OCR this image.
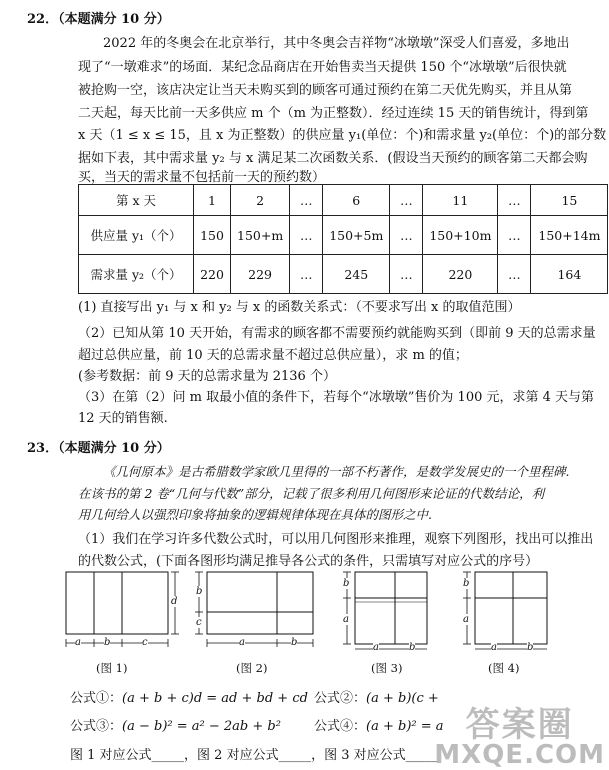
22．（本题满分 10 分）
2022 年的冬奥会在北京举行，其中冬奥会吉祥物“冰墩墩”深受人们喜爱，多地出
现了“一墩难求”的场面．某纪念品商店在开始售卖当天提供 150 个“冰墩墩”后很快就
被抢购一空，该店决定让当天未购买到的顾客可通过预约在第二天优先购买，并且从第
二天起，每天比前一天多供应 m 个（m 为正整数）．经过连续 15 天的销售统计，得到第
x 天（1 ≤ x ≤ 15，且 x 为正整数）的供应量 y₁(单位：个)和需求量 y₂(单位：个)的部分数
据如下表，其中需求量 y₂ 与 x 满足某二次函数关系．(假设当天预约的顾客第二天都会购
买，当天的需求量不包括前一天的预约数）
第 x 天	1	2	…	6	…	11	…	15
供应量 y₁（个）	150	150+m	…	150+5m	…	150+10m	…	150+14m
需求量 y₂（个）	220	229	…	245	…	220	…	164
(1) 直接写出 y₁ 与 x 和 y₂ 与 x 的函数关系式：（不要求写出 x 的取值范围）
（2）已知从第 10 天开始，有需求的顾客都不需要预约就能购买到（即前 9 天的总需求量
超过总供应量，前 10 天的总需求量不超过总供应量），求 m 的值；
(参考数据：前 9 天的总需求量为 2136 个）
（3）在第（2）问 m 取最小值的条件下，若每个“冰墩墩”售价为 100 元，求第 4 天与第
12 天的销售额.
23．（本题满分 10 分）
《几何原本》是古希腊数学家欧几里得的一部不朽著作，是数学发展史的一个里程碑.
在该书的第 2 卷“几何与代数”部分，记载了很多利用几何图形来论证的代数结论，利
用几何给人以强烈印象将抽象的逻辑规律体现在具体的图形之中.
（1）我们在学习许多代数公式时，可以用几何图形来推理，观察下列图形，找出可以推出
的代数公式，(下面各图形均满足推导各公式的条件，只需填写对应公式的序号）
a b	c
d
(图 1)
b
c
a	b
(图 2)
b
a
a	b
(图 3)
b
a
a	b
(图 4)
公式①：(a + b + c)d = ad + bd + cd 公式②：(a + b)(c +
公式③：(a − b)² = a² − 2ab + b²	公式④：(a + b)² = a
图 1 对应公式_____，图 2 对应公式_____，图 3 对应公式_____，
答案圈
MXQE.COM
